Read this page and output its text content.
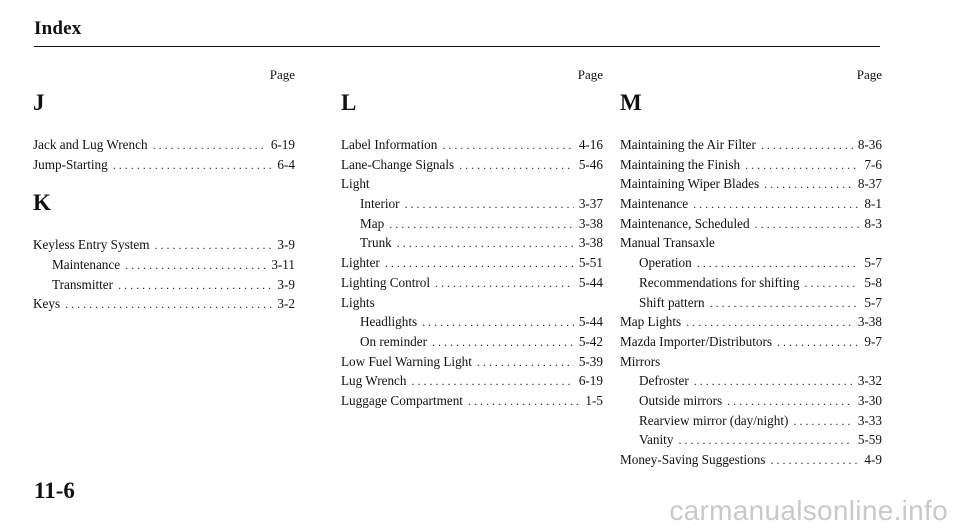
Index
Page
J
Jack and Lug Wrench . . .	6-19
Jump-Starting . . .	6-4
K
Keyless Entry System . . .	3-9
Maintenance . . .	3-11
Transmitter . . .	3-9
Keys . . .	3-2
Page
L
Label Information . . .	4-16
Lane-Change Signals . . .	5-46
Light
Interior . . .	3-37
Map . . .	3-38
Trunk . . .	3-38
Lighter . . .	5-51
Lighting Control . . .	5-44
Lights
Headlights . . .	5-44
On reminder . . .	5-42
Low Fuel Warning Light . . .	5-39
Lug Wrench . . .	6-19
Luggage Compartment . . .	1-5
Page
M
Maintaining the Air Filter . . .	8-36
Maintaining the Finish . . .	7-6
Maintaining Wiper Blades . . .	8-37
Maintenance . . .	8-1
Maintenance, Scheduled . . .	8-3
Manual Transaxle
Operation . . .	5-7
Recommendations for shifting . . .	5-8
Shift pattern . . .	5-7
Map Lights . . .	3-38
Mazda Importer/Distributors . . .	9-7
Mirrors
Defroster . . .	3-32
Outside mirrors . . .	3-30
Rearview mirror (day/night) . . .	3-33
Vanity . . .	5-59
Money-Saving Suggestions . . .	4-9
11-6
carmanualsonline.info
